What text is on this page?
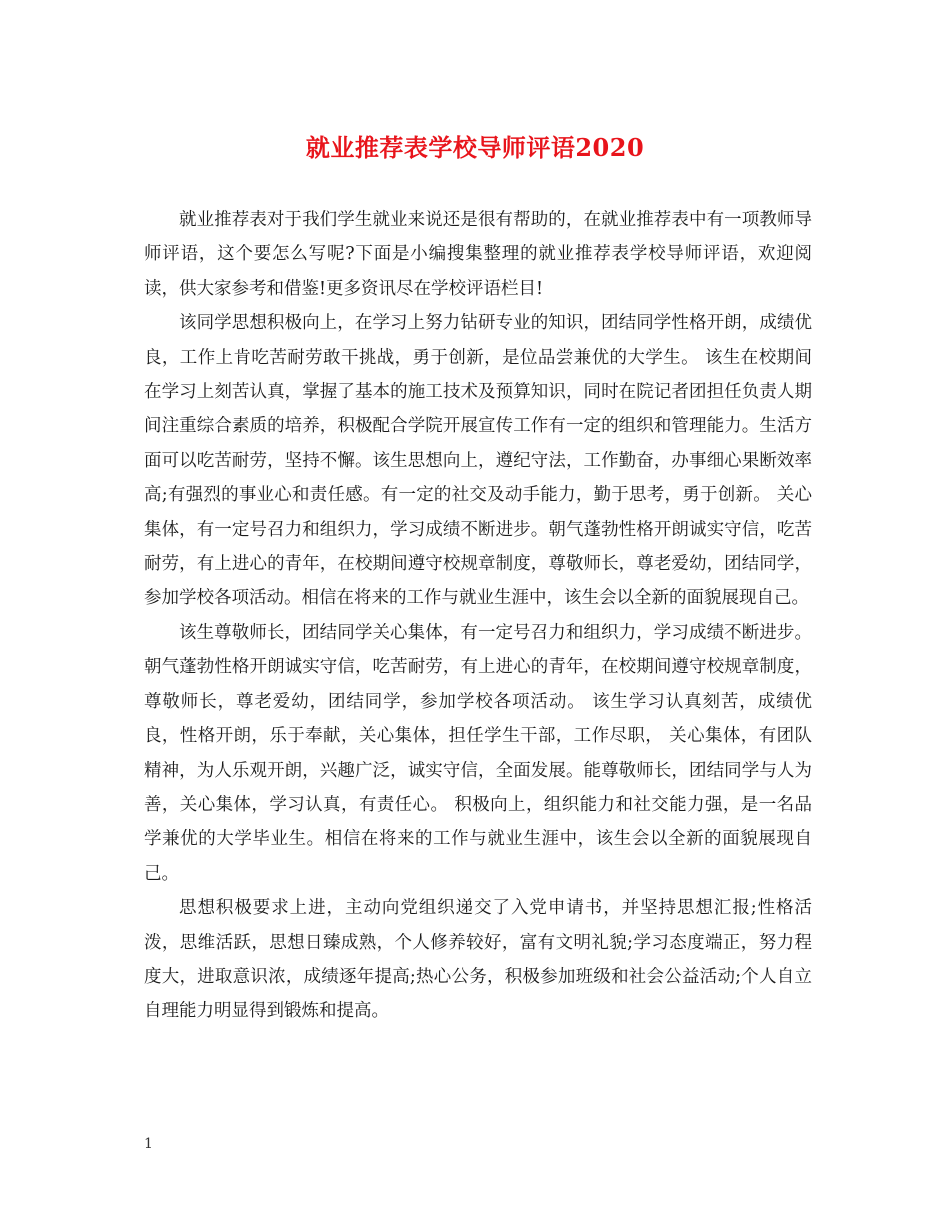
就业推荐表学校导师评语2020

就业推荐表对于我们学生就业来说还是很有帮助的，在就业推荐表中有一项教师导师评语，这个要怎么写呢?下面是小编搜集整理的就业推荐表学校导师评语，欢迎阅读，供大家参考和借鉴!更多资讯尽在学校评语栏目!

该同学思想积极向上，在学习上努力钻研专业的知识，团结同学性格开朗，成绩优良，工作上肯吃苦耐劳敢干挑战，勇于创新，是位品尝兼优的大学生。 该生在校期间在学习上刻苦认真，掌握了基本的施工技术及预算知识，同时在院记者团担任负责人期间注重综合素质的培养，积极配合学院开展宣传工作有一定的组织和管理能力。生活方面可以吃苦耐劳，坚持不懈。该生思想向上，遵纪守法，工作勤奋，办事细心果断效率高;有强烈的事业心和责任感。有一定的社交及动手能力，勤于思考，勇于创新。 关心集体，有一定号召力和组织力，学习成绩不断进步。朝气蓬勃性格开朗诚实守信，吃苦耐劳，有上进心的青年，在校期间遵守校规章制度，尊敬师长，尊老爱幼，团结同学，参加学校各项活动。相信在将来的工作与就业生涯中，该生会以全新的面貌展现自己。

该生尊敬师长，团结同学关心集体，有一定号召力和组织力，学习成绩不断进步。朝气蓬勃性格开朗诚实守信，吃苦耐劳，有上进心的青年，在校期间遵守校规章制度，尊敬师长，尊老爱幼，团结同学，参加学校各项活动。 该生学习认真刻苦，成绩优良，性格开朗，乐于奉献，关心集体，担任学生干部，工作尽职， 关心集体，有团队精神，为人乐观开朗，兴趣广泛，诚实守信，全面发展。能尊敬师长，团结同学与人为善，关心集体，学习认真，有责任心。 积极向上，组织能力和社交能力强，是一名品学兼优的大学毕业生。相信在将来的工作与就业生涯中，该生会以全新的面貌展现自己。

思想积极要求上进，主动向党组织递交了入党申请书，并坚持思想汇报;性格活泼，思维活跃，思想日臻成熟，个人修养较好，富有文明礼貌;学习态度端正，努力程度大，进取意识浓，成绩逐年提高;热心公务，积极参加班级和社会公益活动;个人自立自理能力明显得到锻炼和提高。

1
